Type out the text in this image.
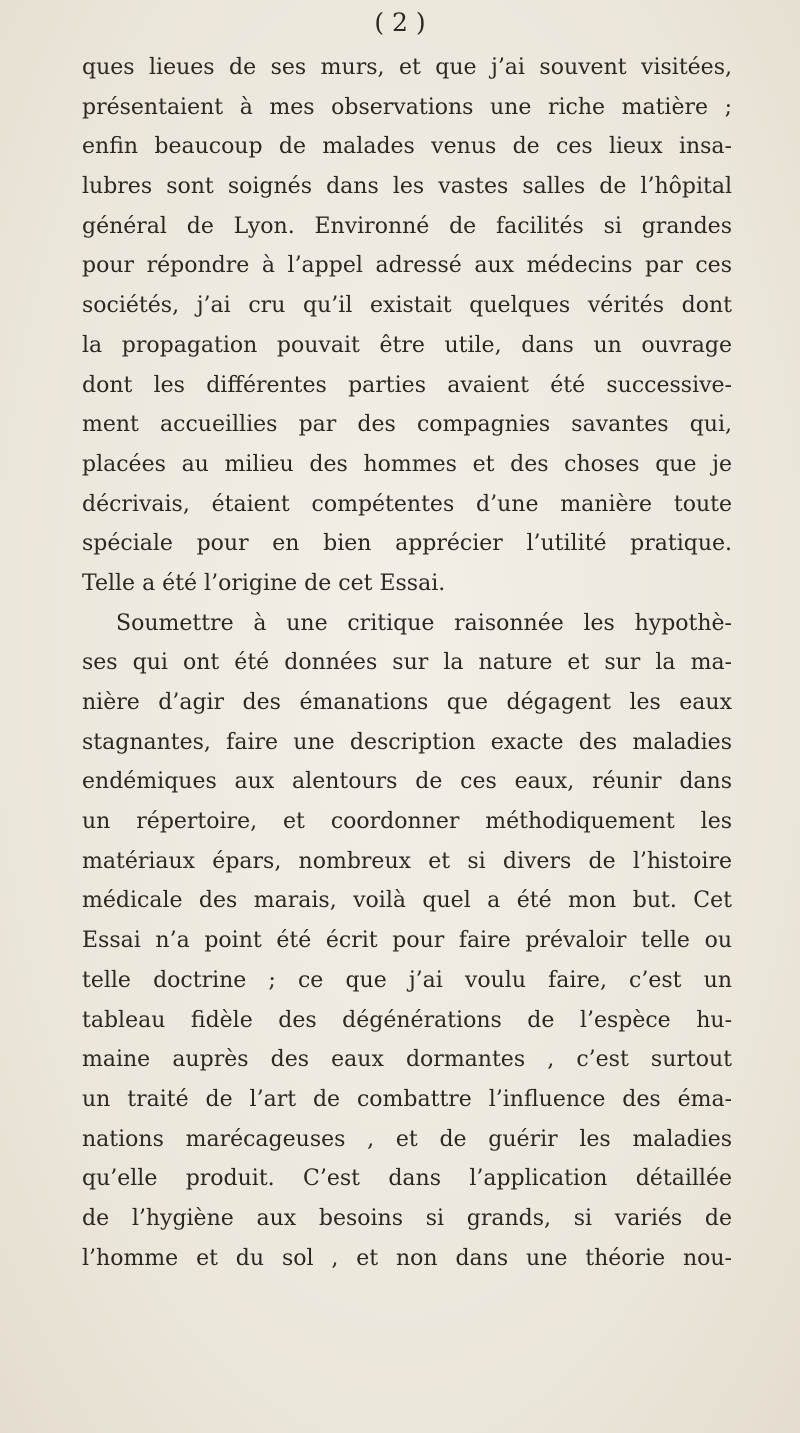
( 2 )
ques lieues de ses murs, et que j’ai souvent visitées,
présentaient à mes observations une riche matière ;
enfin beaucoup de malades venus de ces lieux insa-
lubres sont soignés dans les vastes salles de l’hôpital
général de Lyon. Environné de facilités si grandes
pour répondre à l’appel adressé aux médecins par ces
sociétés, j’ai cru qu’il existait quelques vérités dont
la propagation pouvait être utile, dans un ouvrage
dont les différentes parties avaient été successive-
ment accueillies par des compagnies savantes qui,
placées au milieu des hommes et des choses que je
décrivais, étaient compétentes d’une manière toute
spéciale pour en bien apprécier l’utilité pratique.
Telle a été l’origine de cet Essai.
Soumettre à une critique raisonnée les hypothè-
ses qui ont été données sur la nature et sur la ma-
nière d’agir des émanations que dégagent les eaux
stagnantes, faire une description exacte des maladies
endémiques aux alentours de ces eaux, réunir dans
un répertoire, et coordonner méthodiquement les
matériaux épars, nombreux et si divers de l’histoire
médicale des marais, voilà quel a été mon but. Cet
Essai n’a point été écrit pour faire prévaloir telle ou
telle doctrine ; ce que j’ai voulu faire, c’est un
tableau fidèle des dégénérations de l’espèce hu-
maine auprès des eaux dormantes , c’est surtout
un traité de l’art de combattre l’influence des éma-
nations marécageuses , et de guérir les maladies
qu’elle produit. C’est dans l’application détaillée
de l’hygiène aux besoins si grands, si variés de
l’homme et du sol , et non dans une théorie nou-
